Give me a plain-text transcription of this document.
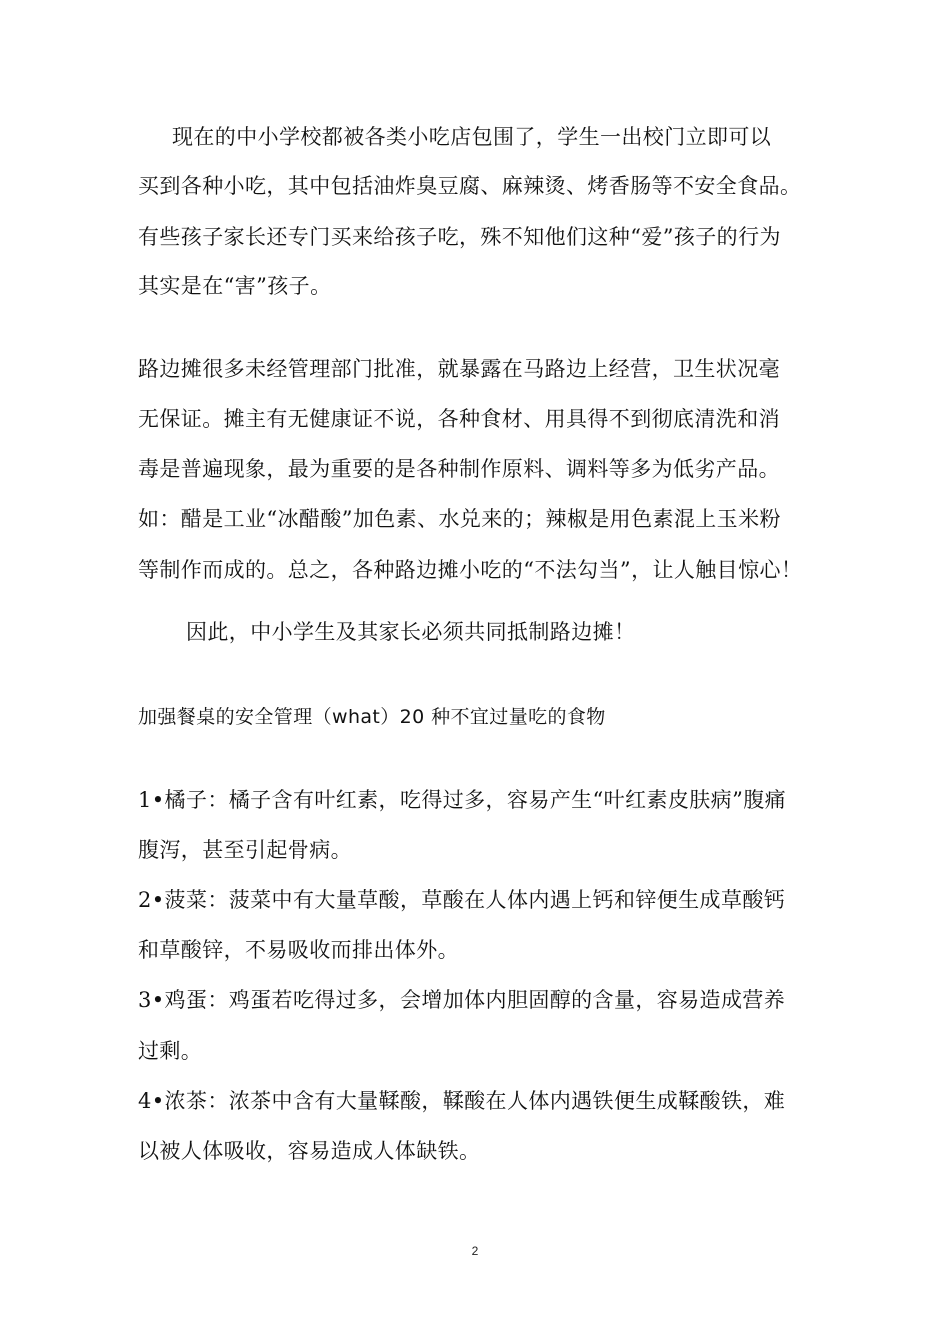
现在的中小学校都被各类小吃店包围了，学生一出校门立即可以
买到各种小吃，其中包括油炸臭豆腐、麻辣烫、烤香肠等不安全食品。
有些孩子家长还专门买来给孩子吃，殊不知他们这种“爱”孩子的行为
其实是在“害”孩子。
路边摊很多未经管理部门批准，就暴露在马路边上经营，卫生状况毫
无保证。摊主有无健康证不说，各种食材、用具得不到彻底清洗和消
毒是普遍现象，最为重要的是各种制作原料、调料等多为低劣产品。
如：醋是工业“冰醋酸”加色素、水兑来的；辣椒是用色素混上玉米粉
等制作而成的。总之，各种路边摊小吃的“不法勾当”，让人触目惊心！
因此，中小学生及其家长必须共同抵制路边摊！
加强餐桌的安全管理（what）20 种不宜过量吃的食物
1•橘子：橘子含有叶红素，吃得过多，容易产生“叶红素皮肤病”腹痛
腹泻，甚至引起骨病。
2•菠菜：菠菜中有大量草酸，草酸在人体内遇上钙和锌便生成草酸钙
和草酸锌，不易吸收而排出体外。
3•鸡蛋：鸡蛋若吃得过多，会增加体内胆固醇的含量，容易造成营养
过剩。
4•浓茶：浓茶中含有大量鞣酸，鞣酸在人体内遇铁便生成鞣酸铁，难
以被人体吸收，容易造成人体缺铁。
2
